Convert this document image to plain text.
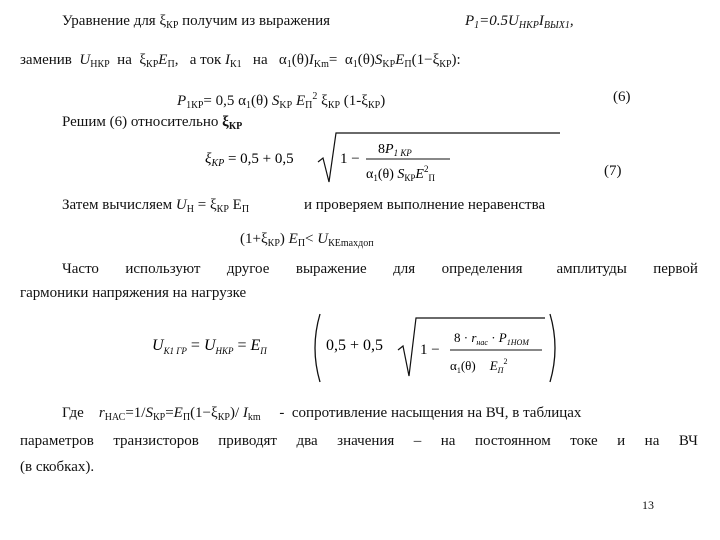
Уравнение для $\xi_{КР}$ получим из выражения	$P_1=0.5U_{НКР}I_{ВЫХ1}$,
заменив  $U_{НКР}$  на  $\xi_{КР}E_П$,   а ток $I_{К1}$   на   $\alpha_1(\theta)I_{Km}= \alpha_1(\theta)S_{KР}E_П(1-\xi_{КР})$:
$P_{1КР}= 0,5$ $\alpha_1(\theta)$ $S_{KР}$ $E_П^2$ $\xi_{КР}$ $(1-\xi_{КР})$	(6)
Решим (6) относительно $\xi_{КР}$
$\xi_{КР} = 0,5 + 0,5$	1 −
$8P_{1 КР}$
$\alpha_1(\theta)$ $S_{КР}E^2_П$	(7)
Затем вычисляем $U_Н = \xi_{КР}$ $Е_П$	и проверяем выполнение неравенства
$(1+\xi_{КР})$ $E_П< U_{КЕmaxдоп}$
Часто используют другое выражение для определения амплитуды первой
гармоники напряжения на нагрузке
$U_{К1 ГР} = U_{НКР} = E_П$	0,5 + 0,5 1 −
$8 \cdot r_{нас} \cdot P_{1НОМ}$
$\alpha_1(\theta)$ $E_П^2$
Где    $r_{НАС}=1/S_{КР}=E_П(1-\xi_{КР})/$ $I_{km}$     -  сопротивление насыщения на ВЧ, в таблицах
параметров транзисторов приводят два значения – на постоянном токе и на ВЧ
(в скобках).
13
